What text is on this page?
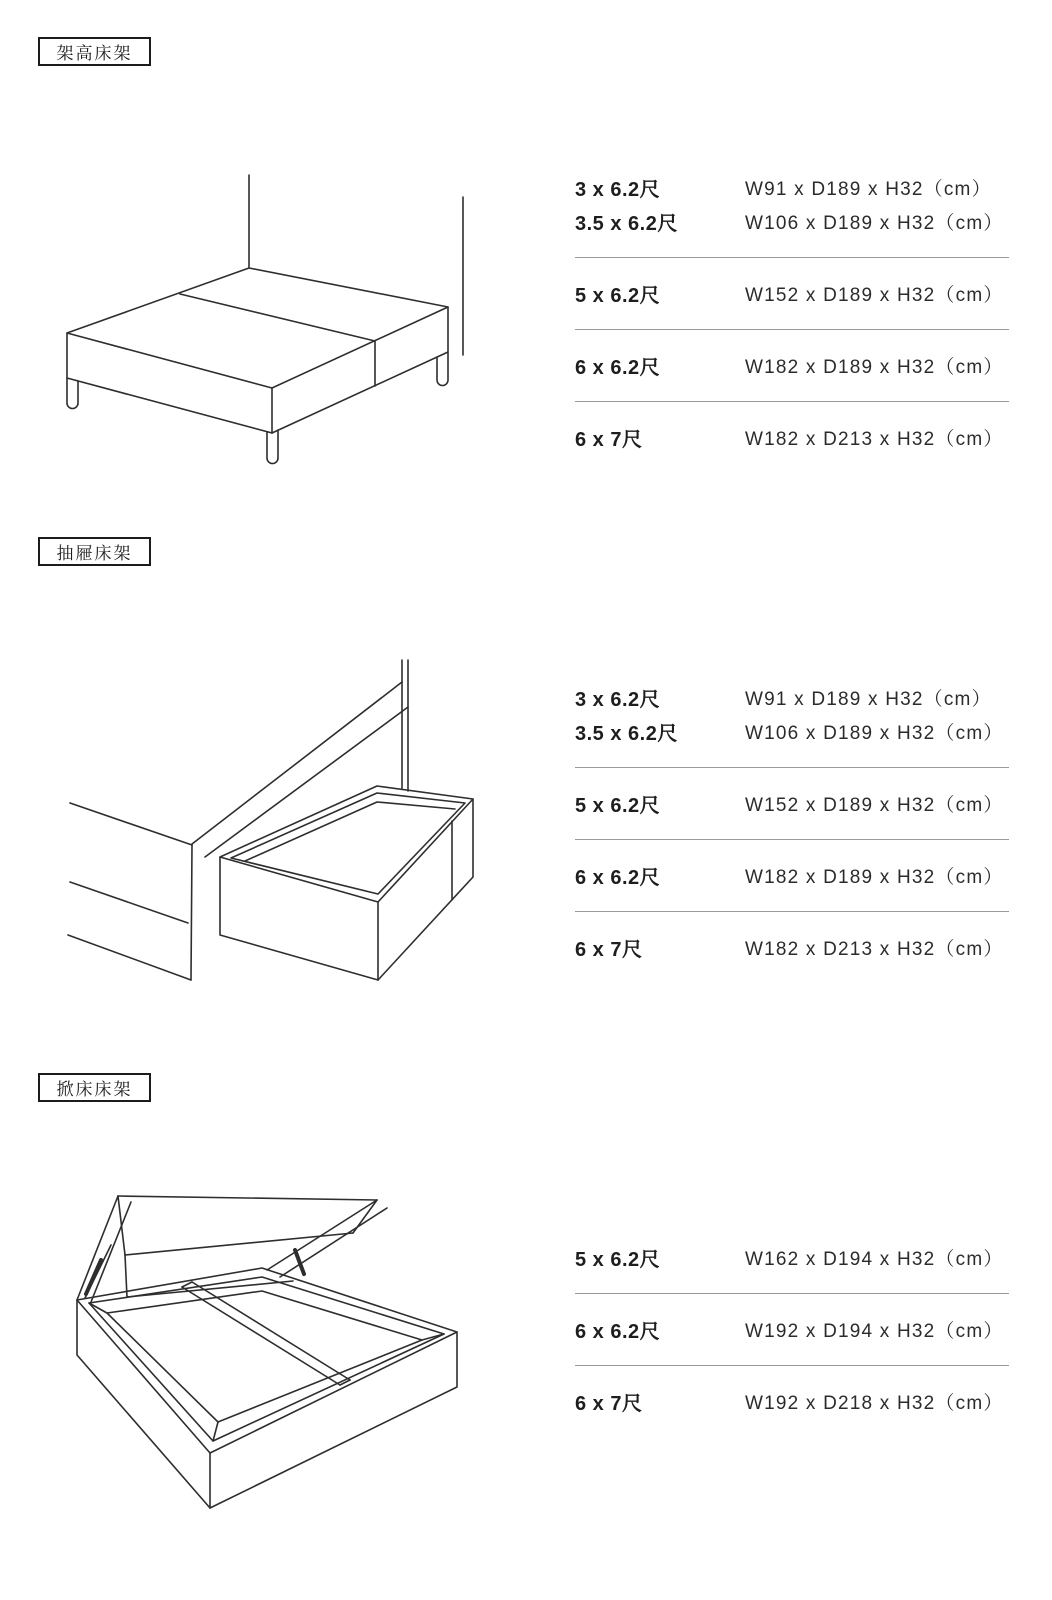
架高床架
3 x 6.2尺	W91 x D189 x H32（cm）
3.5 x 6.2尺	W106 x D189 x H32（cm）
5 x 6.2尺	W152 x D189 x H32（cm）
6 x 6.2尺	W182 x D189 x H32（cm）
6 x 7尺	W182 x D213 x H32（cm）
抽屜床架
3 x 6.2尺	W91 x D189 x H32（cm）
3.5 x 6.2尺	W106 x D189 x H32（cm）
5 x 6.2尺	W152 x D189 x H32（cm）
6 x 6.2尺	W182 x D189 x H32（cm）
6 x 7尺	W182 x D213 x H32（cm）
掀床床架
5 x 6.2尺	W162 x D194 x H32（cm）
6 x 6.2尺	W192 x D194 x H32（cm）
6 x 7尺	W192 x D218 x H32（cm）
